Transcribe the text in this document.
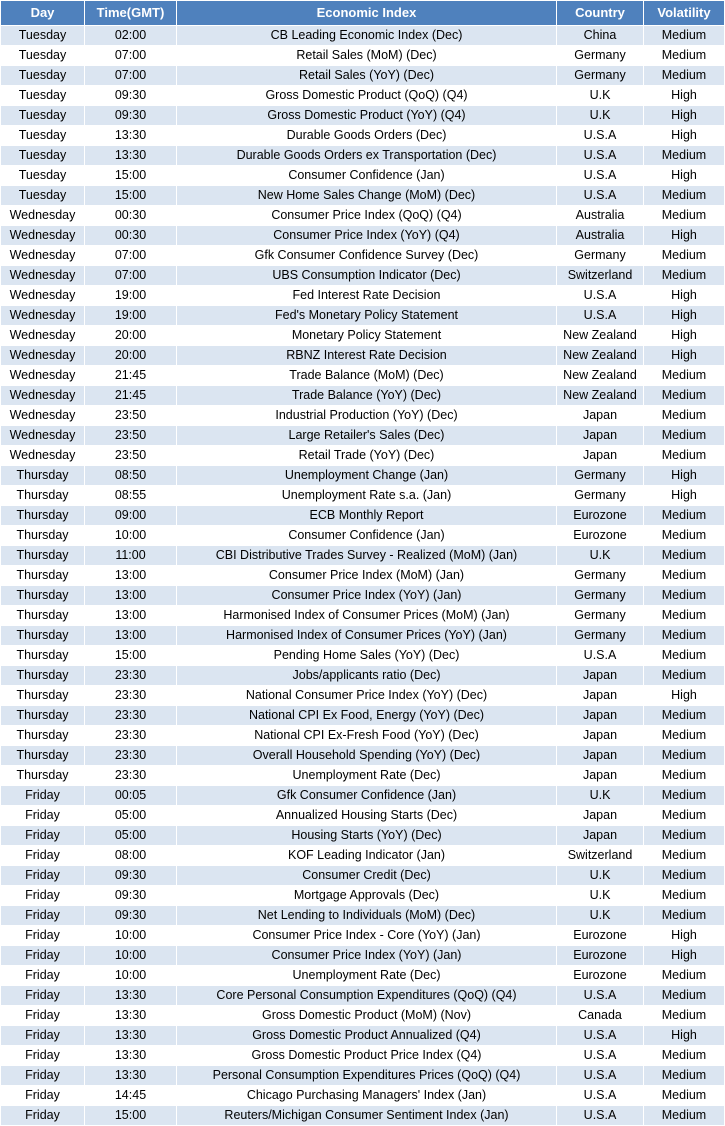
Day	Time(GMT)	Economic Index	Country	Volatility
Tuesday	02:00	CB Leading Economic Index (Dec)	China	Medium
Tuesday	07:00	Retail Sales (MoM) (Dec)	Germany	Medium
Tuesday	07:00	Retail Sales (YoY) (Dec)	Germany	Medium
Tuesday	09:30	Gross Domestic Product (QoQ) (Q4)	U.K	High
Tuesday	09:30	Gross Domestic Product (YoY) (Q4)	U.K	High
Tuesday	13:30	Durable Goods Orders (Dec)	U.S.A	High
Tuesday	13:30	Durable Goods Orders ex Transportation (Dec)	U.S.A	Medium
Tuesday	15:00	Consumer Confidence (Jan)	U.S.A	High
Tuesday	15:00	New Home Sales Change (MoM) (Dec)	U.S.A	Medium
Wednesday	00:30	Consumer Price Index (QoQ) (Q4)	Australia	Medium
Wednesday	00:30	Consumer Price Index (YoY) (Q4)	Australia	High
Wednesday	07:00	Gfk Consumer Confidence Survey (Dec)	Germany	Medium
Wednesday	07:00	UBS Consumption Indicator (Dec)	Switzerland	Medium
Wednesday	19:00	Fed Interest Rate Decision	U.S.A	High
Wednesday	19:00	Fed's Monetary Policy Statement	U.S.A	High
Wednesday	20:00	Monetary Policy Statement	New Zealand	High
Wednesday	20:00	RBNZ Interest Rate Decision	New Zealand	High
Wednesday	21:45	Trade Balance (MoM) (Dec)	New Zealand	Medium
Wednesday	21:45	Trade Balance (YoY) (Dec)	New Zealand	Medium
Wednesday	23:50	Industrial Production (YoY) (Dec)	Japan	Medium
Wednesday	23:50	Large Retailer's Sales (Dec)	Japan	Medium
Wednesday	23:50	Retail Trade (YoY) (Dec)	Japan	Medium
Thursday	08:50	Unemployment Change (Jan)	Germany	High
Thursday	08:55	Unemployment Rate s.a. (Jan)	Germany	High
Thursday	09:00	ECB Monthly Report	Eurozone	Medium
Thursday	10:00	Consumer Confidence (Jan)	Eurozone	Medium
Thursday	11:00	CBI Distributive Trades Survey - Realized (MoM) (Jan)	U.K	Medium
Thursday	13:00	Consumer Price Index (MoM) (Jan)	Germany	Medium
Thursday	13:00	Consumer Price Index (YoY) (Jan)	Germany	Medium
Thursday	13:00	Harmonised Index of Consumer Prices (MoM) (Jan)	Germany	Medium
Thursday	13:00	Harmonised Index of Consumer Prices (YoY) (Jan)	Germany	Medium
Thursday	15:00	Pending Home Sales (YoY) (Dec)	U.S.A	Medium
Thursday	23:30	Jobs/applicants ratio (Dec)	Japan	Medium
Thursday	23:30	National Consumer Price Index (YoY) (Dec)	Japan	High
Thursday	23:30	National CPI Ex Food, Energy (YoY) (Dec)	Japan	Medium
Thursday	23:30	National CPI Ex-Fresh Food (YoY) (Dec)	Japan	Medium
Thursday	23:30	Overall Household Spending (YoY) (Dec)	Japan	Medium
Thursday	23:30	Unemployment Rate (Dec)	Japan	Medium
Friday	00:05	Gfk Consumer Confidence (Jan)	U.K	Medium
Friday	05:00	Annualized Housing Starts (Dec)	Japan	Medium
Friday	05:00	Housing Starts (YoY) (Dec)	Japan	Medium
Friday	08:00	KOF Leading Indicator (Jan)	Switzerland	Medium
Friday	09:30	Consumer Credit (Dec)	U.K	Medium
Friday	09:30	Mortgage Approvals (Dec)	U.K	Medium
Friday	09:30	Net Lending to Individuals (MoM) (Dec)	U.K	Medium
Friday	10:00	Consumer Price Index - Core (YoY) (Jan)	Eurozone	High
Friday	10:00	Consumer Price Index (YoY) (Jan)	Eurozone	High
Friday	10:00	Unemployment Rate (Dec)	Eurozone	Medium
Friday	13:30	Core Personal Consumption Expenditures (QoQ) (Q4)	U.S.A	Medium
Friday	13:30	Gross Domestic Product (MoM) (Nov)	Canada	Medium
Friday	13:30	Gross Domestic Product Annualized (Q4)	U.S.A	High
Friday	13:30	Gross Domestic Product Price Index (Q4)	U.S.A	Medium
Friday	13:30	Personal Consumption Expenditures Prices (QoQ) (Q4)	U.S.A	Medium
Friday	14:45	Chicago Purchasing Managers' Index (Jan)	U.S.A	Medium
Friday	15:00	Reuters/Michigan Consumer Sentiment Index (Jan)	U.S.A	Medium
